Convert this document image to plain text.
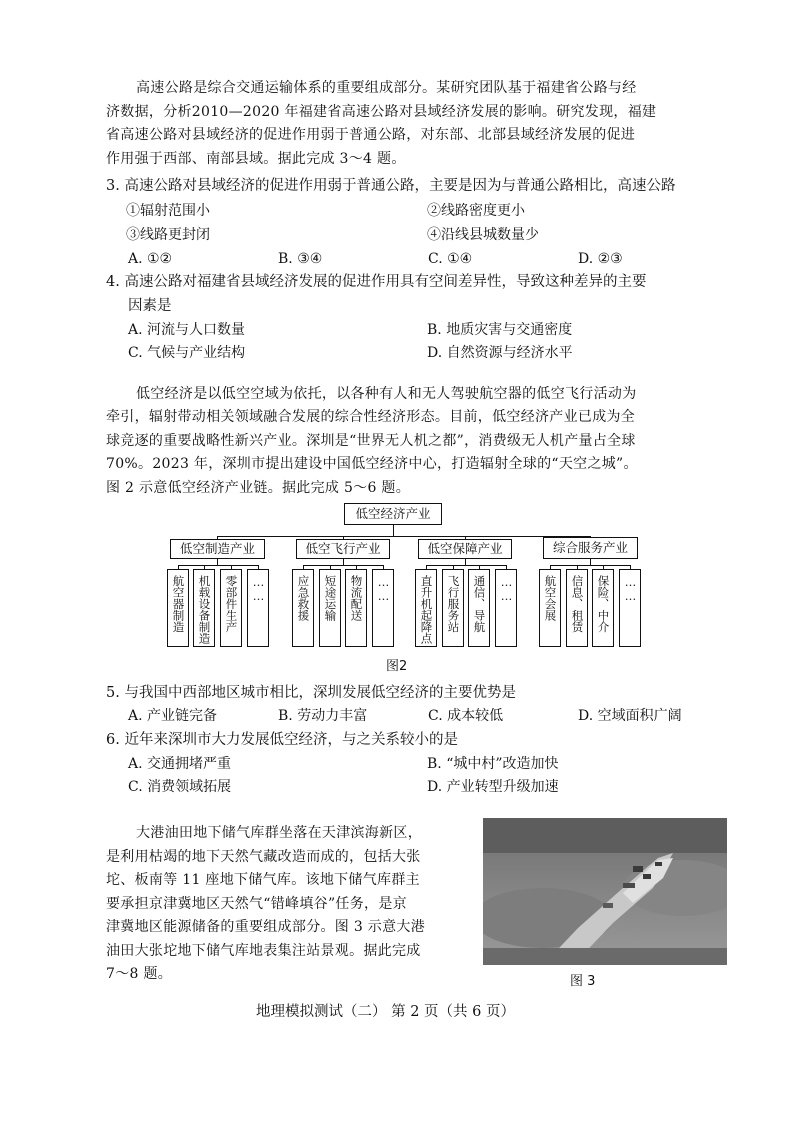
高速公路是综合交通运输体系的重要组成部分。某研究团队基于福建省公路与经
济数据，分析2010—2020 年福建省高速公路对县域经济发展的影响。研究发现，福建
省高速公路对县域经济的促进作用弱于普通公路，对东部、北部县域经济发展的促进
作用强于西部、南部县域。据此完成 3～4 题。
3. 高速公路对县域经济的促进作用弱于普通公路，主要是因为与普通公路相比，高速公路
①辐射范围小	②线路密度更小
③线路更封闭	④沿线县城数量少
A. ①②	B. ③④	C. ①④	D. ②③
4. 高速公路对福建省县域经济发展的促进作用具有空间差异性，导致这种差异的主要
因素是
A. 河流与人口数量	B. 地质灾害与交通密度
C. 气候与产业结构	D. 自然资源与经济水平
低空经济是以低空空域为依托，以各种有人和无人驾驶航空器的低空飞行活动为
牵引，辐射带动相关领域融合发展的综合性经济形态。目前，低空经济产业已成为全
球竞逐的重要战略性新兴产业。深圳是“世界无人机之都”，消费级无人机产量占全球
70%。2023 年，深圳市提出建设中国低空经济中心，打造辐射全球的“天空之城”。
图 2 示意低空经济产业链。据此完成 5～6 题。
低空经济产业
低空制造产业
航空器制造 机载设备制造 零部件生产 ……
低空飞行产业
应急救援 短途运输 物流配送 ……
低空保障产业
直升机起降点 飞行服务站 通信、导航 ……
综合服务产业
航空会展 信息、租赁 保险、中介 ……
图2
5. 与我国中西部地区城市相比，深圳发展低空经济的主要优势是
A. 产业链完备	B. 劳动力丰富	C. 成本较低	D. 空域面积广阔
6. 近年来深圳市大力发展低空经济，与之关系较小的是
A. 交通拥堵严重	B. “城中村”改造加快
C. 消费领域拓展	D. 产业转型升级加速
大港油田地下储气库群坐落在天津滨海新区，
是利用枯竭的地下天然气藏改造而成的，包括大张
坨、板南等 11 座地下储气库。该地下储气库群主
要承担京津冀地区天然气“错峰填谷”任务，是京
津冀地区能源储备的重要组成部分。图 3 示意大港
油田大张坨地下储气库地表集注站景观。据此完成
7～8 题。	图 3
地理模拟测试（二） 第 2 页（共 6 页）
